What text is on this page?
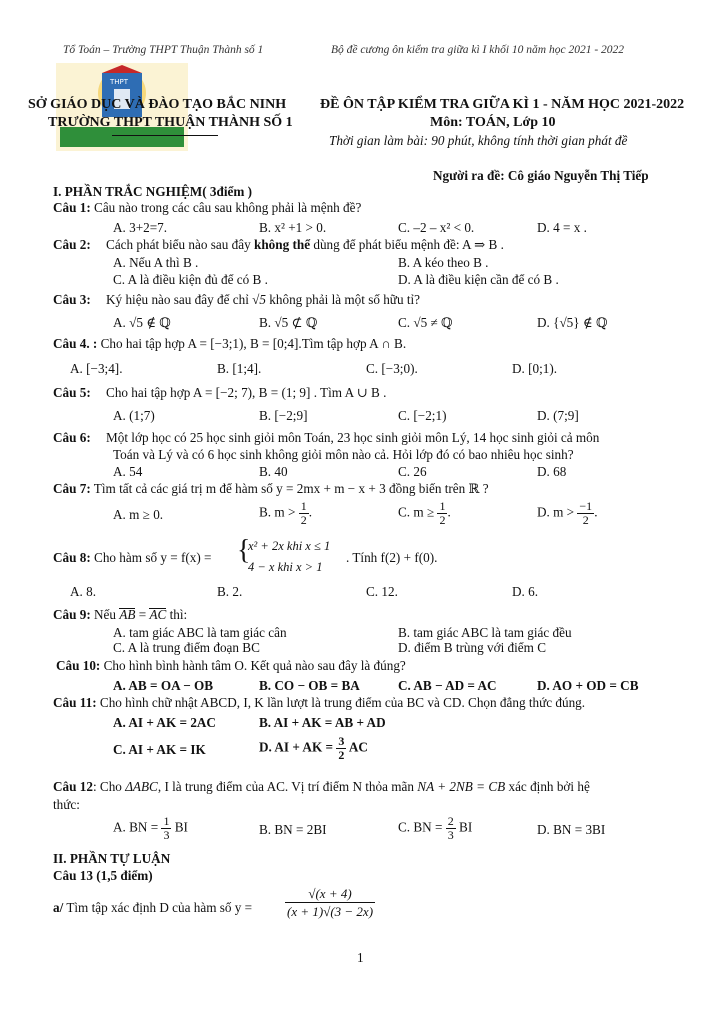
Tổ Toán – Trường THPT Thuận Thành số 1	Bộ đề cương ôn kiểm tra giữa kì I khối 10 năm học 2021 - 2022
THPT
SỞ GIÁO DỤC VÀ ĐÀO TẠO BẮC NINH
TRƯỜNG THPT THUẬN THÀNH SỐ 1
ĐỀ ÔN TẬP KIỂM TRA GIỮA KÌ 1 - NĂM HỌC 2021-2022
Môn: TOÁN, Lớp 10
Thời gian làm bài: 90 phút, không tính thời gian phát đề
Người ra đề: Cô giáo Nguyễn Thị Tiếp
I. PHẦN TRẮC NGHIỆM( 3điểm )
Câu 1: Câu nào trong các câu sau không phải là mệnh đề?
A. 3+2=7.	B. x² +1 > 0.	C. –2 – x² < 0.	D. 4 = x .
Câu 2: Cách phát biểu nào sau đây không thể dùng để phát biểu mệnh đề: A ⇒ B .
A. Nếu A thì B .	B. A kéo theo B .
C. A là điều kiện đủ để có B .	D. A là điều kiện cần để có B .
Câu 3: Ký hiệu nào sau đây để chỉ √5 không phải là một số hữu tỉ?
A. √5 ∉ ℚ	B. √5 ⊄ ℚ	C. √5 ≠ ℚ	D. {√5} ∉ ℚ
Câu 4. : Cho hai tập hợp A = [−3;1), B = [0;4].Tìm tập hợp A ∩ B.
A. [−3;4].	B. [1;4].	C. [−3;0).	D. [0;1).
Câu 5: Cho hai tập hợp A = [−2; 7), B = (1; 9] . Tìm A ∪ B .
A. (1;7)	B. [−2;9]	C. [−2;1)	D. (7;9]
Câu 6: Một lớp học có 25 học sinh giỏi môn Toán, 23 học sinh giỏi môn Lý, 14 học sinh giỏi cả môn
Toán và Lý và có 6 học sinh không giỏi môn nào cả. Hỏi lớp đó có bao nhiêu học sinh?
A. 54	B. 40	C. 26	D. 68
Câu 7: Tìm tất cả các giá trị m để hàm số y = 2mx + m − x + 3 đồng biến trên ℝ ?
A. m ≥ 0.	B. $m > \frac{1}{2}$ .	C. $m \ge \frac{1}{2}$ .	D. $m > \frac{-1}{2}$ .
Câu 8: Cho hàm số y = f(x) = {
x² + 2x khi x ≤ 1
4 − x khi x > 1
. Tính f(2) + f(0).
A. 8.	B. 2.	C. 12.	D. 6.
Câu 9: Nếu AB = AC thì:
A. tam giác ABC là tam giác cân	B. tam giác ABC là tam giác đều
C. A là trung điểm đoạn BC	D. điểm B trùng với điểm C
Câu 10: Cho hình bình hành tâm O. Kết quả nào sau đây là đúng?
A. AB = OA − OB	B. CO − OB = BA	C. AB − AD = AC	D. AO + OD = CB
Câu 11: Cho hình chữ nhật ABCD, I, K lần lượt là trung điểm của BC và CD. Chọn đẳng thức đúng.
A. AI + AK = 2AC	B. AI + AK = AB + AD
C. AI + AK = IK	D. AI + AK = $\frac{3}{2}$ AC
Câu 12: Cho ΔABC, I là trung điểm của AC. Vị trí điểm N thỏa mãn NA + 2NB = CB xác định bởi hệ
thức:
A. BN = $\frac{1}{3}$ BI	B. BN = 2BI	C. BN = $\frac{2}{3}$ BI	D. BN = 3BI
II. PHẦN TỰ LUẬN
Câu 13 (1,5 điểm)
a/ Tìm tập xác định D của hàm số y =	$\frac{√(x + 4)}{(x + 1)√(3 - 2x)}$
1
